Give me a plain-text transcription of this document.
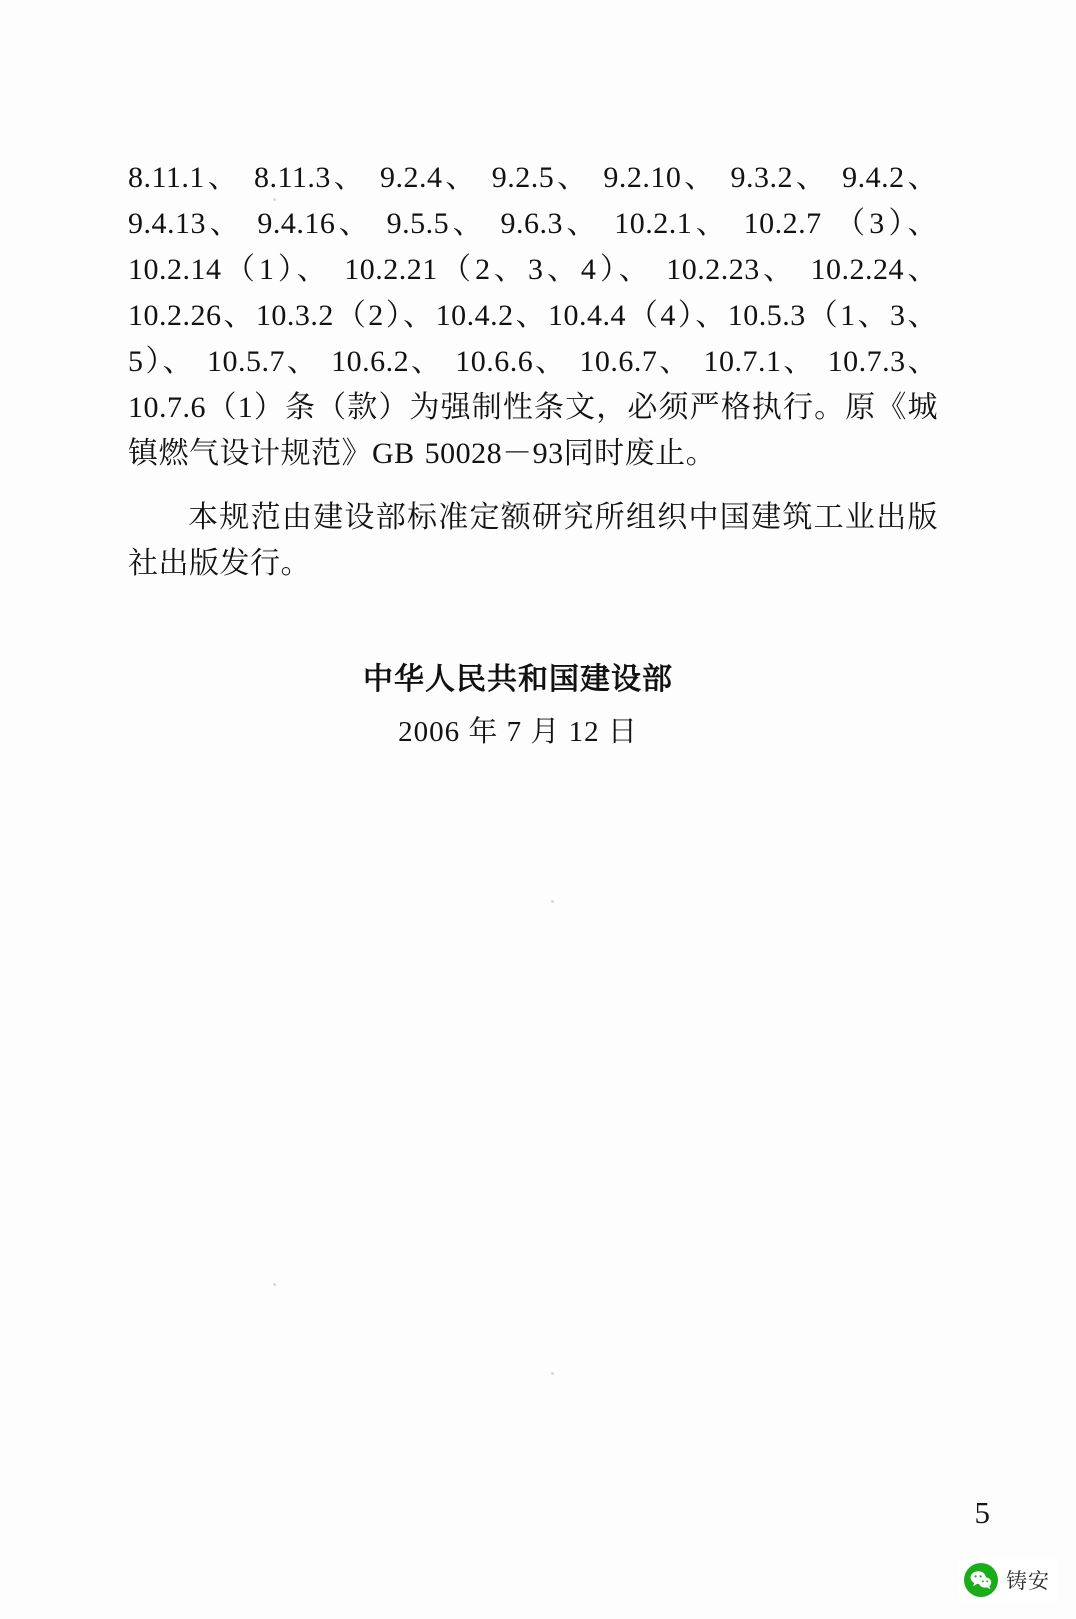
8.11.1、 8.11.3、 9.2.4、 9.2.5、 9.2.10、 9.3.2、 9.4.2、 9.4.13、 9.4.16、 9.5.5、 9.6.3、 10.2.1、 10.2.7 （3）、 10.2.14（1）、 10.2.21（2、3、4）、 10.2.23、 10.2.24、 10.2.26、10.3.2（2）、10.4.2、10.4.4（4）、10.5.3（1、3、5）、 10.5.7、 10.6.2、 10.6.6、 10.6.7、 10.7.1、 10.7.3、10.7.6（1）条（款）为强制性条文，必须严格执行。原《城镇燃气设计规范》GB 50028－93同时废止。

本规范由建设部标准定额研究所组织中国建筑工业出版社出版发行。

中华人民共和国建设部
2006 年 7 月 12 日
5
铸安
